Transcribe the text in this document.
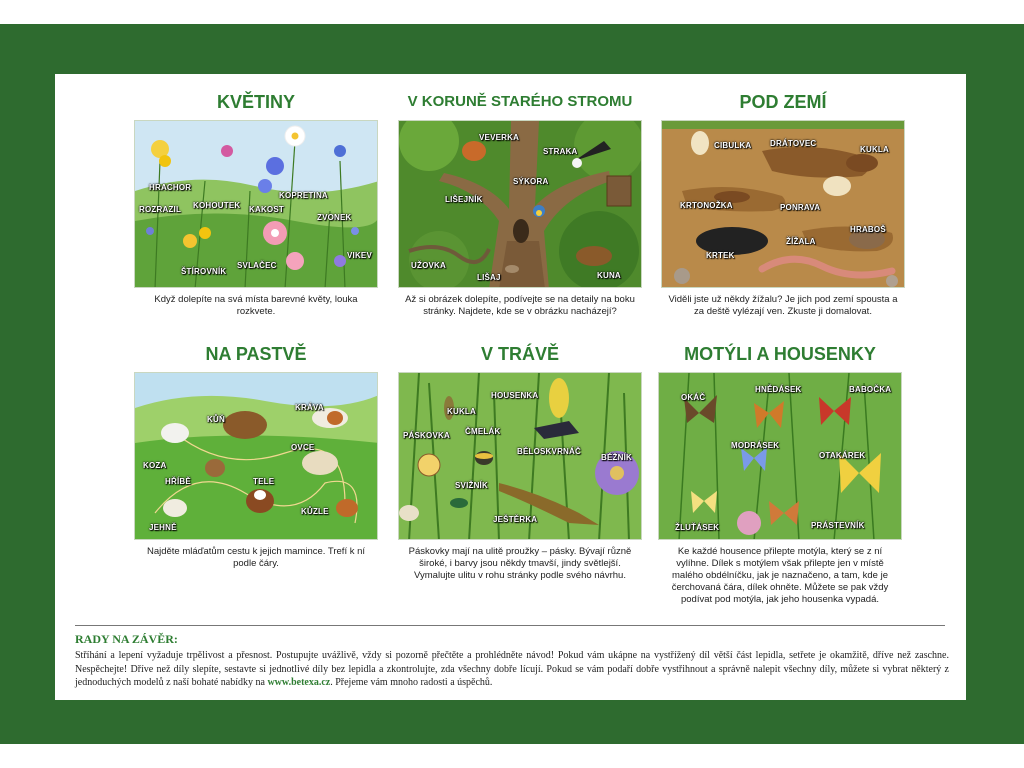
KVĚTINY
HRACHOR
ROZRAZIL KOHOUTEK KAKOST
KOPRETINA
ZVONEK
ŠTÍROVNÍK
SVLAČEC
VIKEV

Když dolepíte na svá místa barevné květy, louka rozkvete.

V KORUNĚ STARÉHO STROMU
VEVERKA
STRAKA
SÝKORA
LIŠEJNÍK
UŽOVKA
LIŠAJ	KUNA

Až si obrázek dolepíte, podívejte se na detaily na boku stránky. Najdete, kde se v obrázku nacházejí?

POD ZEMÍ
CIBULKA DRÁTOVEC
KUKLA
KRTONOŽKA	PONRAVA
HRABOŠ
ŽÍŽALA
KRTEK

Viděli jste už někdy žížalu? Je jich pod zemí spousta a za deště vylézají ven. Zkuste ji domalovat.

NA PASTVĚ
KŮŇ
KRÁVA
KOZA
HŘÍBĚ
OVCE
TELE
KŮZLE
JEHNĚ

Najděte mláďatům cestu k jejich mamince. Trefí k ní podle čáry.

V TRÁVĚ
HOUSENKA
KUKLA
PÁSKOVKA ČMELÁK
BĚLOSKVRNÁČ
BĚŽNÍK
SVIŽNÍK
JEŠTĚRKA

Páskovky mají na ulitě proužky – pásky. Bývají různě široké, i barvy jsou někdy tmavší, jindy světlejší. Vymalujte ulitu v rohu stránky podle svého návrhu.

MOTÝLI A HOUSENKY
OKÁČ
HNĚDÁSEK	BABOČKA
MODRÁSEK
OTAKÁREK
ŽLUŤÁSEK	PRÁSTEVNÍK

Ke každé housence přilepte motýla, který se z ní vylíhne. Dílek s motýlem však přilepte jen v místě malého obdélníčku, jak je naznačeno, a tam, kde je čerchovaná čára, dílek ohněte. Můžete se pak vždy podívat pod motýla, jak jeho housenka vypadá.

RADY NA ZÁVĚR:

Stříhání a lepení vyžaduje trpělivost a přesnost. Postupujte uvážlivě, vždy si pozorně přečtěte a prohlédněte návod! Pokud vám ukápne na vystřížený díl větší část lepidla, setřete je okamžitě, dříve než zaschne. Nespěchejte! Dříve než díly slepíte, sestavte si jednotlivé díly bez lepidla a zkontrolujte, zda všechny dobře lícují. Pokud se vám podaří dobře vystřihnout a správně nalepit všechny díly, můžete si vybrat některý z jednoduchých modelů z naší bohaté nabídky na www.betexa.cz. Přejeme vám mnoho radosti a úspěchů.
